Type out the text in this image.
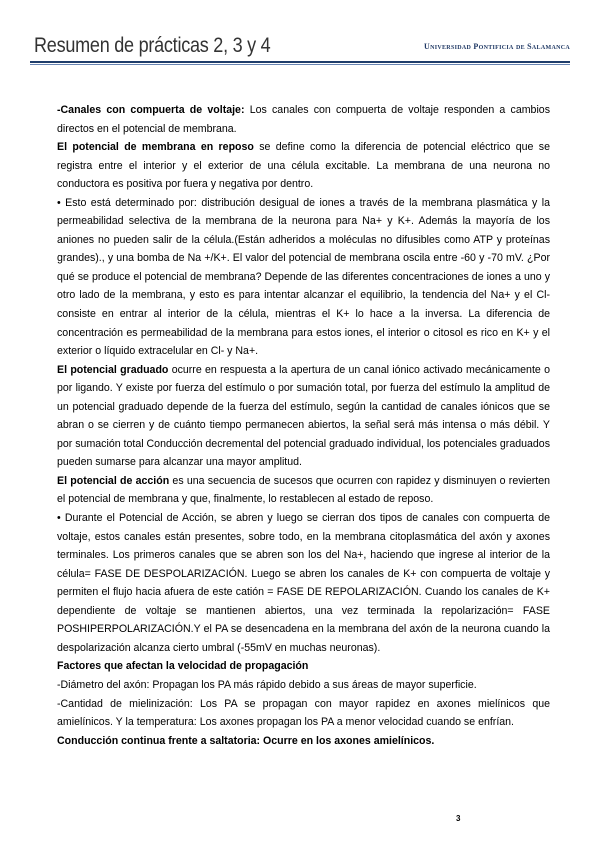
Resumen de prácticas 2, 3 y 4	Universidad Pontificia de Salamanca

-Canales con compuerta de voltaje: Los canales con compuerta de voltaje responden a cambios directos en el potencial de membrana.

El potencial de membrana en reposo se define como la diferencia de potencial eléctrico que se registra entre el interior y el exterior de una célula excitable. La membrana de una neurona no conductora es positiva por fuera y negativa por dentro.

• Esto está determinado por: distribución desigual de iones a través de la membrana plasmática y la permeabilidad selectiva de la membrana de la neurona para Na+ y K+. Además la mayoría de los aniones no pueden salir de la célula.(Están adheridos a moléculas no difusibles como ATP y proteínas grandes)., y una bomba de Na +/K+. El valor del potencial de membrana oscila entre -60 y -70 mV. ¿Por qué se produce el potencial de membrana? Depende de las diferentes concentraciones de iones a uno y otro lado de la membrana, y esto es para intentar alcanzar el equilibrio, la tendencia del Na+ y el Cl- consiste en entrar al interior de la célula, mientras el K+ lo hace a la inversa. La diferencia de concentración es permeabilidad de la membrana para estos iones, el interior o citosol es rico en K+ y el exterior o líquido extracelular en Cl- y Na+.

El potencial graduado ocurre en respuesta a la apertura de un canal iónico activado mecánicamente o por ligando. Y existe por fuerza del estímulo o por sumación total, por fuerza del estímulo la amplitud de un potencial graduado depende de la fuerza del estímulo, según la cantidad de canales iónicos que se abran o se cierren y de cuánto tiempo permanecen abiertos, la señal será más intensa o más débil. Y por sumación total Conducción decremental del potencial graduado individual, los potenciales graduados pueden sumarse para alcanzar una mayor amplitud.

El potencial de acción es una secuencia de sucesos que ocurren con rapidez y disminuyen o revierten el potencial de membrana y que, finalmente, lo restablecen al estado de reposo.

• Durante el Potencial de Acción, se abren y luego se cierran dos tipos de canales con compuerta de voltaje, estos canales están presentes, sobre todo, en la membrana citoplasmática del axón y axones terminales. Los primeros canales que se abren son los del Na+, haciendo que ingrese al interior de la célula= FASE DE DESPOLARIZACIÓN. Luego se abren los canales de K+ con compuerta de voltaje y permiten el flujo hacia afuera de este catión = FASE DE REPOLARIZACIÓN. Cuando los canales de K+ dependiente de voltaje se mantienen abiertos, una vez terminada la repolarización= FASE POSHIPERPOLARIZACIÓN.Y el PA se desencadena en la membrana del axón de la neurona cuando la despolarización alcanza cierto umbral (-55mV en muchas neuronas).

Factores que afectan la velocidad de propagación

-Diámetro del axón: Propagan los PA más rápido debido a sus áreas de mayor superficie.

-Cantidad de mielinización: Los PA se propagan con mayor rapidez en axones mielínicos que amielínicos. Y la temperatura: Los axones propagan los PA a menor velocidad cuando se enfrían.

Conducción continua frente a saltatoria: Ocurre en los axones amielínicos.

3
